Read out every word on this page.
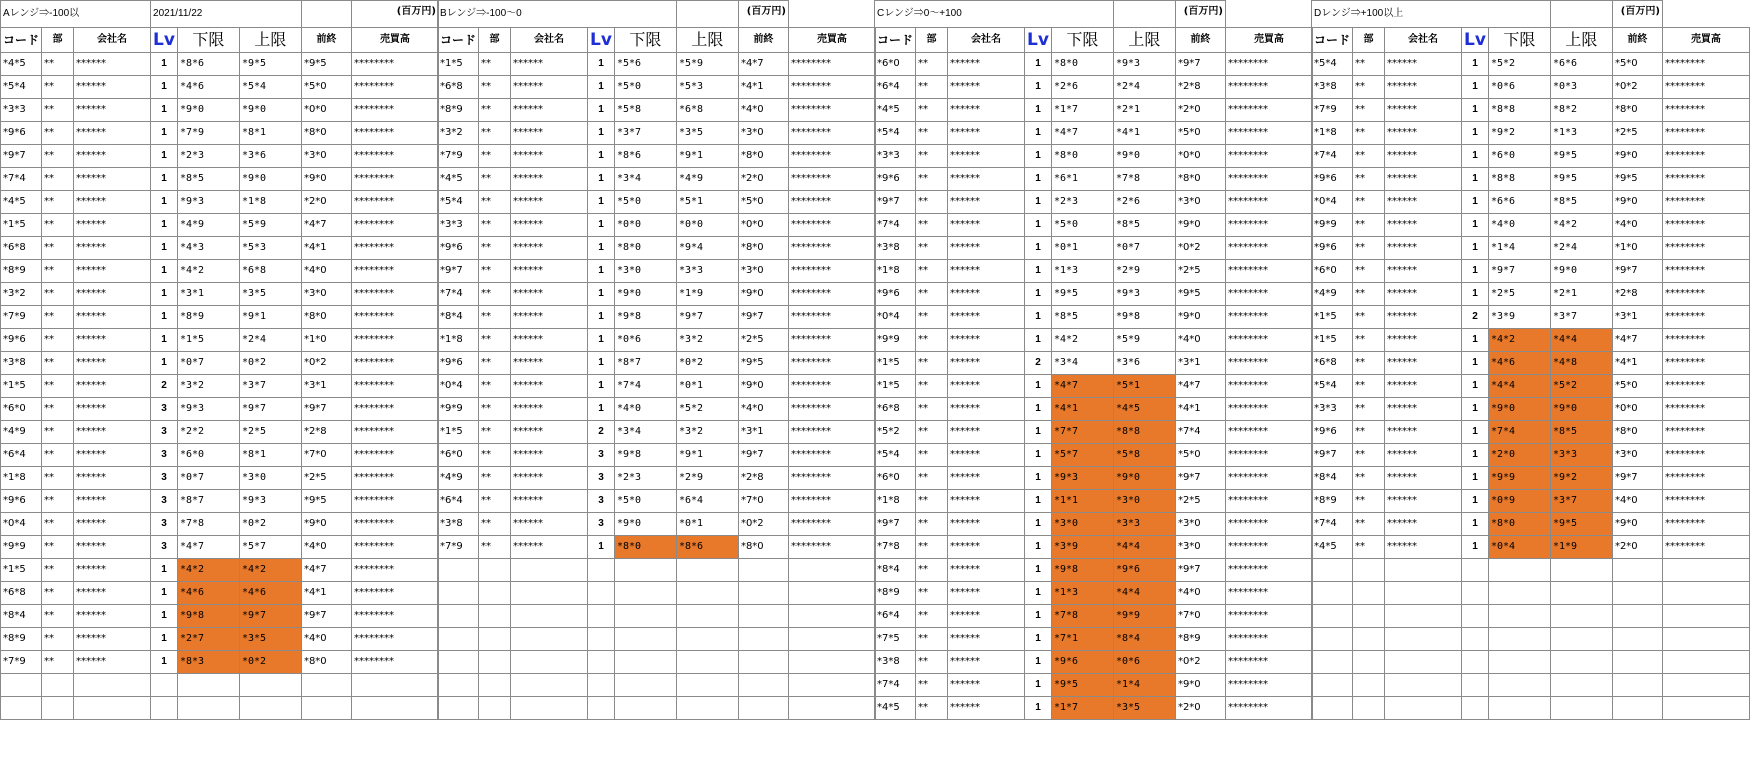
Aレンジ⇒-100以			2021/11/22				(百万円)
コード	部	会社名	Lv	下限	上限	前終	売買高
*4*5	**	******	1	*8*6	*9*5	*9*5	********
*5*4	**	******	1	*4*6	*5*4	*5*0	********
*3*3	**	******	1	*9*0	*9*0	*0*0	********
*9*6	**	******	1	*7*9	*8*1	*8*0	********
*9*7	**	******	1	*2*3	*3*6	*3*0	********
*7*4	**	******	1	*8*5	*9*0	*9*0	********
*4*5	**	******	1	*9*3	*1*8	*2*0	********
*1*5	**	******	1	*4*9	*5*9	*4*7	********
*6*8	**	******	1	*4*3	*5*3	*4*1	********
*8*9	**	******	1	*4*2	*6*8	*4*0	********
*3*2	**	******	1	*3*1	*3*5	*3*0	********
*7*9	**	******	1	*8*9	*9*1	*8*0	********
*9*6	**	******	1	*1*5	*2*4	*1*0	********
*3*8	**	******	1	*0*7	*0*2	*0*2	********
*1*5	**	******	2	*3*2	*3*7	*3*1	********
*6*0	**	******	3	*9*3	*9*7	*9*7	********
*4*9	**	******	3	*2*2	*2*5	*2*8	********
*6*4	**	******	3	*6*0	*8*1	*7*0	********
*1*8	**	******	3	*0*7	*3*0	*2*5	********
*9*6	**	******	3	*8*7	*9*3	*9*5	********
*0*4	**	******	3	*7*8	*0*2	*9*0	********
*9*9	**	******	3	*4*7	*5*7	*4*0	********
*1*5	**	******	1	*4*2	*4*2	*4*7	********
*6*8	**	******	1	*4*6	*4*6	*4*1	********
*8*4	**	******	1	*9*8	*9*7	*9*7	********
*8*9	**	******	1	*2*7	*3*5	*4*0	********
*7*9	**	******	1	*8*3	*0*2	*8*0	********

Bレンジ⇒-100～0						(百万円)	
コード	部	会社名	Lv	下限	上限	前終	売買高
*1*5	**	******	1	*5*6	*5*9	*4*7	********
*6*8	**	******	1	*5*0	*5*3	*4*1	********
*8*9	**	******	1	*5*8	*6*8	*4*0	********
*3*2	**	******	1	*3*7	*3*5	*3*0	********
*7*9	**	******	1	*8*6	*9*1	*8*0	********
*4*5	**	******	1	*3*4	*4*9	*2*0	********
*5*4	**	******	1	*5*0	*5*1	*5*0	********
*3*3	**	******	1	*0*0	*0*0	*0*0	********
*9*6	**	******	1	*8*0	*9*4	*8*0	********
*9*7	**	******	1	*3*0	*3*3	*3*0	********
*7*4	**	******	1	*9*0	*1*9	*9*0	********
*8*4	**	******	1	*9*8	*9*7	*9*7	********
*1*8	**	******	1	*0*6	*3*2	*2*5	********
*9*6	**	******	1	*8*7	*0*2	*9*5	********
*0*4	**	******	1	*7*4	*0*1	*9*0	********
*9*9	**	******	1	*4*0	*5*2	*4*0	********
*1*5	**	******	2	*3*4	*3*2	*3*1	********
*6*0	**	******	3	*9*8	*9*1	*9*7	********
*4*9	**	******	3	*2*3	*2*9	*2*8	********
*6*4	**	******	3	*5*0	*6*4	*7*0	********
*3*8	**	******	3	*9*0	*0*1	*0*2	********
*7*9	**	******	1	*8*0	*8*6	*8*0	********

Cレンジ⇒0～+100						(百万円)	
コード	部	会社名	Lv	下限	上限	前終	売買高
*6*0	**	******	1	*8*0	*9*3	*9*7	********
*6*4	**	******	1	*2*6	*2*4	*2*8	********
*4*5	**	******	1	*1*7	*2*1	*2*0	********
*5*4	**	******	1	*4*7	*4*1	*5*0	********
*3*3	**	******	1	*8*0	*9*0	*0*0	********
*9*6	**	******	1	*6*1	*7*8	*8*0	********
*9*7	**	******	1	*2*3	*2*6	*3*0	********
*7*4	**	******	1	*5*0	*8*5	*9*0	********
*3*8	**	******	1	*0*1	*0*7	*0*2	********
*1*8	**	******	1	*1*3	*2*9	*2*5	********
*9*6	**	******	1	*9*5	*9*3	*9*5	********
*0*4	**	******	1	*8*5	*9*8	*9*0	********
*9*9	**	******	1	*4*2	*5*9	*4*0	********
*1*5	**	******	2	*3*4	*3*6	*3*1	********
*1*5	**	******	1	*4*7	*5*1	*4*7	********
*6*8	**	******	1	*4*1	*4*5	*4*1	********
*5*2	**	******	1	*7*7	*8*8	*7*4	********
*5*4	**	******	1	*5*7	*5*8	*5*0	********
*6*0	**	******	1	*9*3	*9*0	*9*7	********
*1*8	**	******	1	*1*1	*3*0	*2*5	********
*9*7	**	******	1	*3*0	*3*3	*3*0	********
*7*8	**	******	1	*3*9	*4*4	*3*0	********
*8*4	**	******	1	*9*8	*9*6	*9*7	********
*8*9	**	******	1	*1*3	*4*4	*4*0	********
*6*4	**	******	1	*7*8	*9*9	*7*0	********
*7*5	**	******	1	*7*1	*8*4	*8*9	********
*3*8	**	******	1	*9*6	*0*6	*0*2	********
*7*4	**	******	1	*9*5	*1*4	*9*0	********
*4*5	**	******	1	*1*7	*3*5	*2*0	********
Dレンジ⇒+100以上						(百万円)	
コード	部	会社名	Lv	下限	上限	前終	売買高
*5*4	**	******	1	*5*2	*6*6	*5*0	********
*3*8	**	******	1	*0*6	*0*3	*0*2	********
*7*9	**	******	1	*8*8	*8*2	*8*0	********
*1*8	**	******	1	*9*2	*1*3	*2*5	********
*7*4	**	******	1	*6*0	*9*5	*9*0	********
*9*6	**	******	1	*8*8	*9*5	*9*5	********
*0*4	**	******	1	*6*6	*8*5	*9*0	********
*9*9	**	******	1	*4*0	*4*2	*4*0	********
*9*6	**	******	1	*1*4	*2*4	*1*0	********
*6*0	**	******	1	*9*7	*9*0	*9*7	********
*4*9	**	******	1	*2*5	*2*1	*2*8	********
*1*5	**	******	2	*3*9	*3*7	*3*1	********
*1*5	**	******	1	*4*2	*4*4	*4*7	********
*6*8	**	******	1	*4*6	*4*8	*4*1	********
*5*4	**	******	1	*4*4	*5*2	*5*0	********
*3*3	**	******	1	*9*0	*9*0	*0*0	********
*9*6	**	******	1	*7*4	*8*5	*8*0	********
*9*7	**	******	1	*2*0	*3*3	*3*0	********
*8*4	**	******	1	*9*9	*9*2	*9*7	********
*8*9	**	******	1	*0*9	*3*7	*4*0	********
*7*4	**	******	1	*8*0	*9*5	*9*0	********
*4*5	**	******	1	*0*4	*1*9	*2*0	********
